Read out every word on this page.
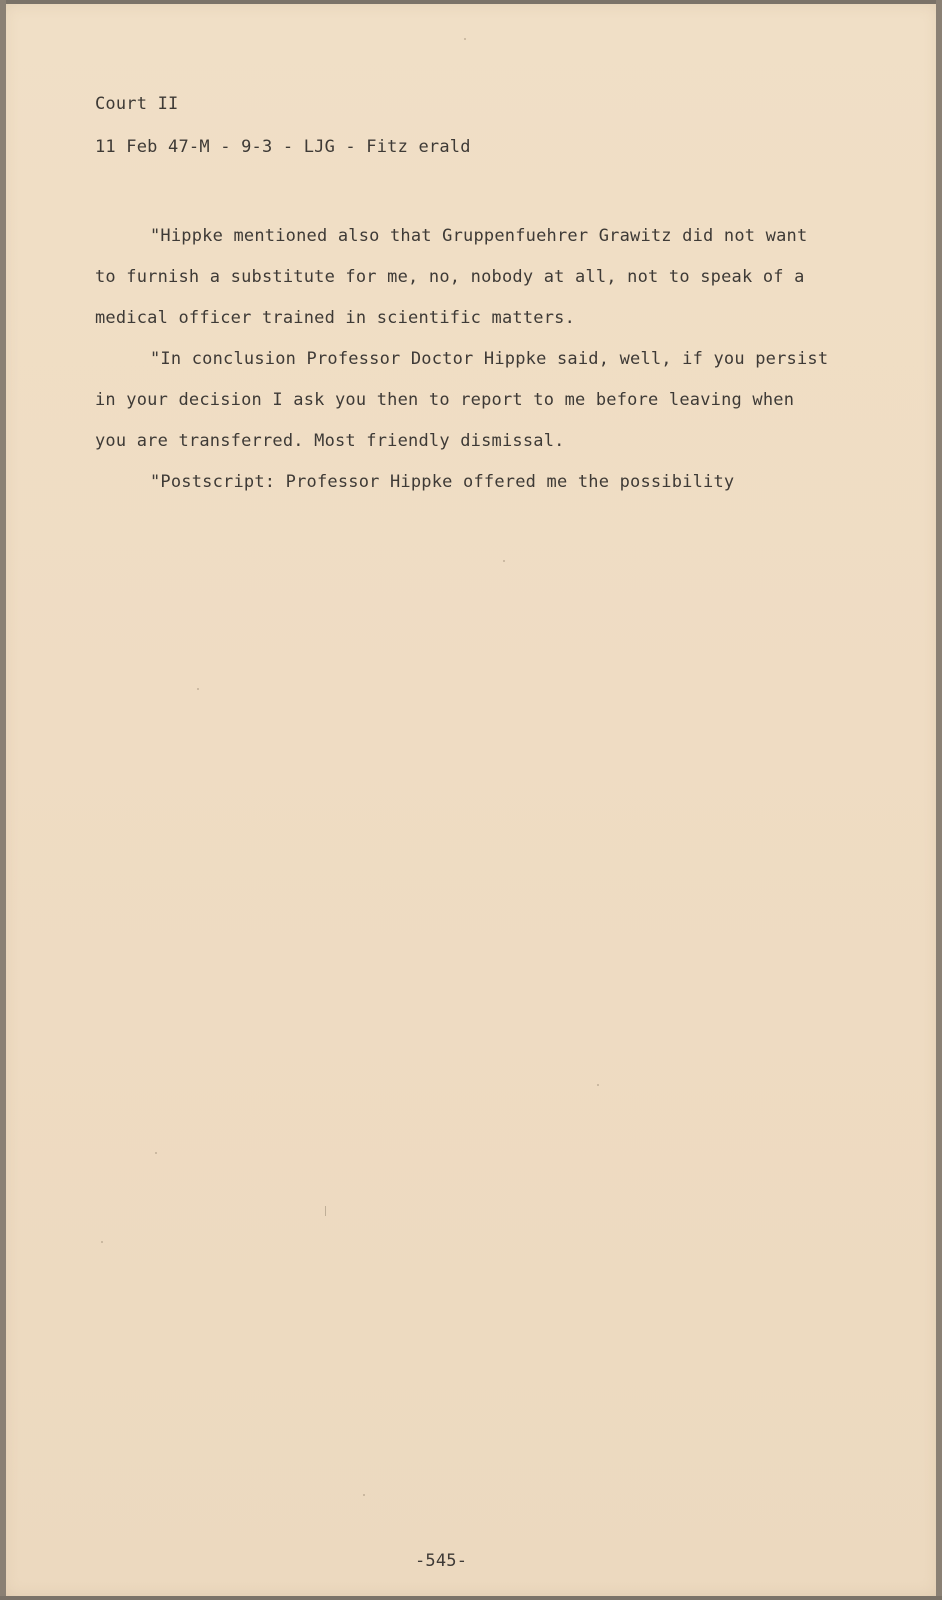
Court II
11 Feb 47-M - 9-3 - LJG - Fitz erald
"Hippke mentioned also that Gruppenfuehrer Grawitz did not want
to furnish a substitute for me, no, nobody at all, not to speak of a
medical officer trained in scientific matters.
"In conclusion Professor Doctor Hippke said, well, if you persist
in your decision I ask you then to report to me before leaving when
you are transferred. Most friendly dismissal.
"Postscript: Professor Hippke offered me the possibility
-545-
